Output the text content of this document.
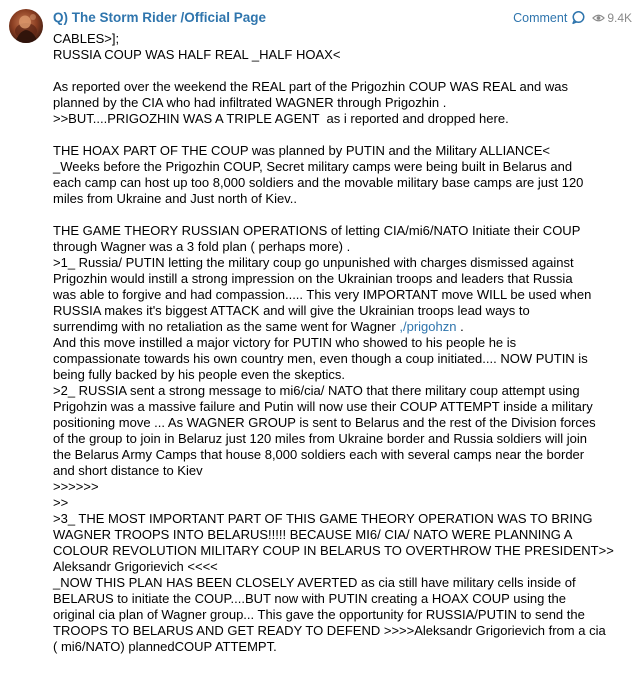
Q) The Storm Rider /Official Page	Comment	9.4K

CABLES>];

RUSSIA COUP WAS HALF REAL _HALF HOAX<

As reported over the weekend the REAL part of the Prigozhin COUP WAS REAL and was

planned by the CIA who had infiltrated WAGNER through Prigozhin .

>>BUT....PRIGOZHIN WAS A TRIPLE AGENT  as i reported and dropped here.

THE HOAX PART OF THE COUP was planned by PUTIN and the Military ALLIANCE<

_Weeks before the Prigozhin COUP, Secret military camps were being built in Belarus and

each camp can host up too 8,000 soldiers and the movable military base camps are just 120

miles from Ukraine and Just north of Kiev..

THE GAME THEORY RUSSIAN OPERATIONS of letting CIA/mi6/NATO Initiate their COUP

through Wagner was a 3 fold plan ( perhaps more) .

>1_ Russia/ PUTIN letting the military coup go unpunished with charges dismissed against

Prigozhin would instill a strong impression on the Ukrainian troops and leaders that Russia

was able to forgive and had compassion..... This very IMPORTANT move WILL be used when

RUSSIA makes it's biggest ATTACK and will give the Ukrainian troops lead ways to

surrendimg with no retaliation as the same went for Wagner ,/prigohzn .

And this move instilled a major victory for PUTIN who showed to his people he is

compassionate towards his own country men, even though a coup initiated.... NOW PUTIN is

being fully backed by his people even the skeptics.

>2_ RUSSIA sent a strong message to mi6/cia/ NATO that there military coup attempt using

Prigohzin was a massive failure and Putin will now use their COUP ATTEMPT inside a military

positioning move ... As WAGNER GROUP is sent to Belarus and the rest of the Division forces

of the group to join in Belaruz just 120 miles from Ukraine border and Russia soldiers will join

the Belarus Army Camps that house 8,000 soldiers each with several camps near the border

and short distance to Kiev

>>>>>>

>>

>3_ THE MOST IMPORTANT PART OF THIS GAME THEORY OPERATION WAS TO BRING

WAGNER TROOPS INTO BELARUS!!!!! BECAUSE MI6/ CIA/ NATO WERE PLANNING A

COLOUR REVOLUTION MILITARY COUP IN BELARUS TO OVERTHROW THE PRESIDENT>>

Aleksandr Grigorievich <<<<

_NOW THIS PLAN HAS BEEN CLOSELY AVERTED as cia still have military cells inside of

BELARUS to initiate the COUP....BUT now with PUTIN creating a HOAX COUP using the

original cia plan of Wagner group... This gave the opportunity for RUSSIA/PUTIN to send the

TROOPS TO BELARUS AND GET READY TO DEFEND >>>>Aleksandr Grigorievich from a cia

( mi6/NATO) plannedCOUP ATTEMPT.
